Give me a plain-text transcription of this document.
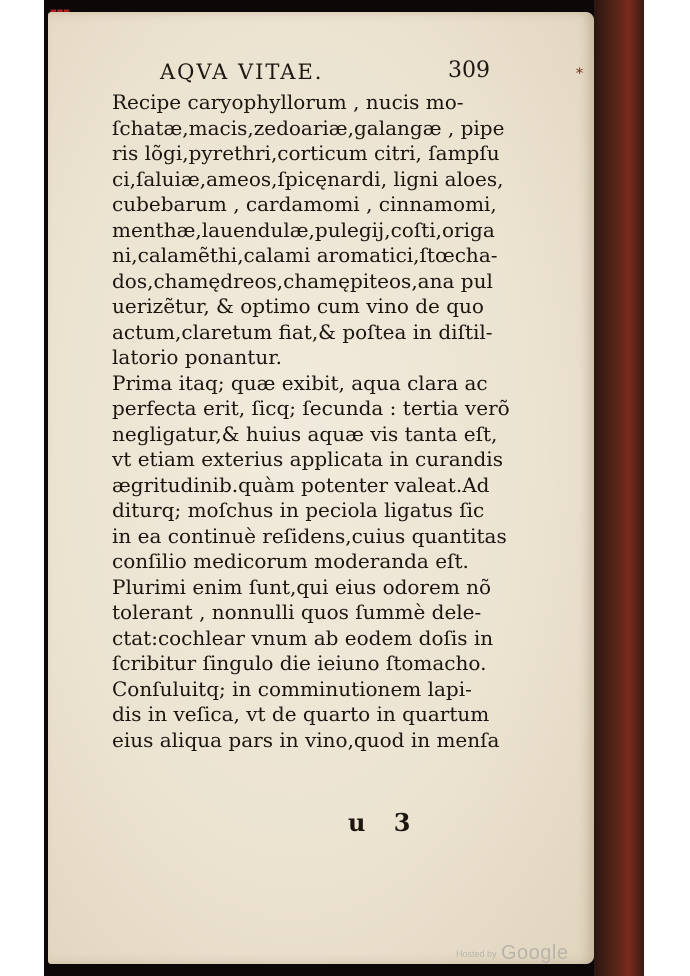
AQVA VITAE.	309	*
Recipe caryophyllorum , nucis mo-
ſchatæ,macis,zedoariæ,galangæ , pipe
ris lõgi,pyrethri,corticum citri, ſampſu
ci,ſaluiæ,ameos,ſpicęnardi, ligni aloes,
cubebarum , cardamomi , cinnamomi,
menthæ,lauendulæ,pulegij,coſti,origa
ni,calamẽthi,calami aromatici,ſtœcha-
dos,chamędreos,chamępiteos,ana pul
uerizẽtur, & optimo cum vino de quo
actum,claretum fiat,& poſtea in diſtil-
latorio ponantur.
Prima itaq; quæ exibit, aqua clara ac
perfecta erit, ſicq; ſecunda : tertia verõ
negligatur,& huius aquæ vis tanta eſt,
vt etiam exterius applicata in curandis
ægritudinib.quàm potenter valeat.Ad
diturq; moſchus in peciola ligatus ſic
in ea continuè reſidens,cuius quantitas
conſilio medicorum moderanda eſt.
Plurimi enim ſunt,qui eius odorem nõ
tolerant , nonnulli quos ſummè dele-
ctat:cochlear vnum ab eodem doſis in
ſcribitur ſingulo die ieiuno ſtomacho.
Conſuluitq; in comminutionem lapi-
dis in veſica, vt de quarto in quartum
eius aliqua pars in vino,quod in menſa
u 3
Hosted by Google
